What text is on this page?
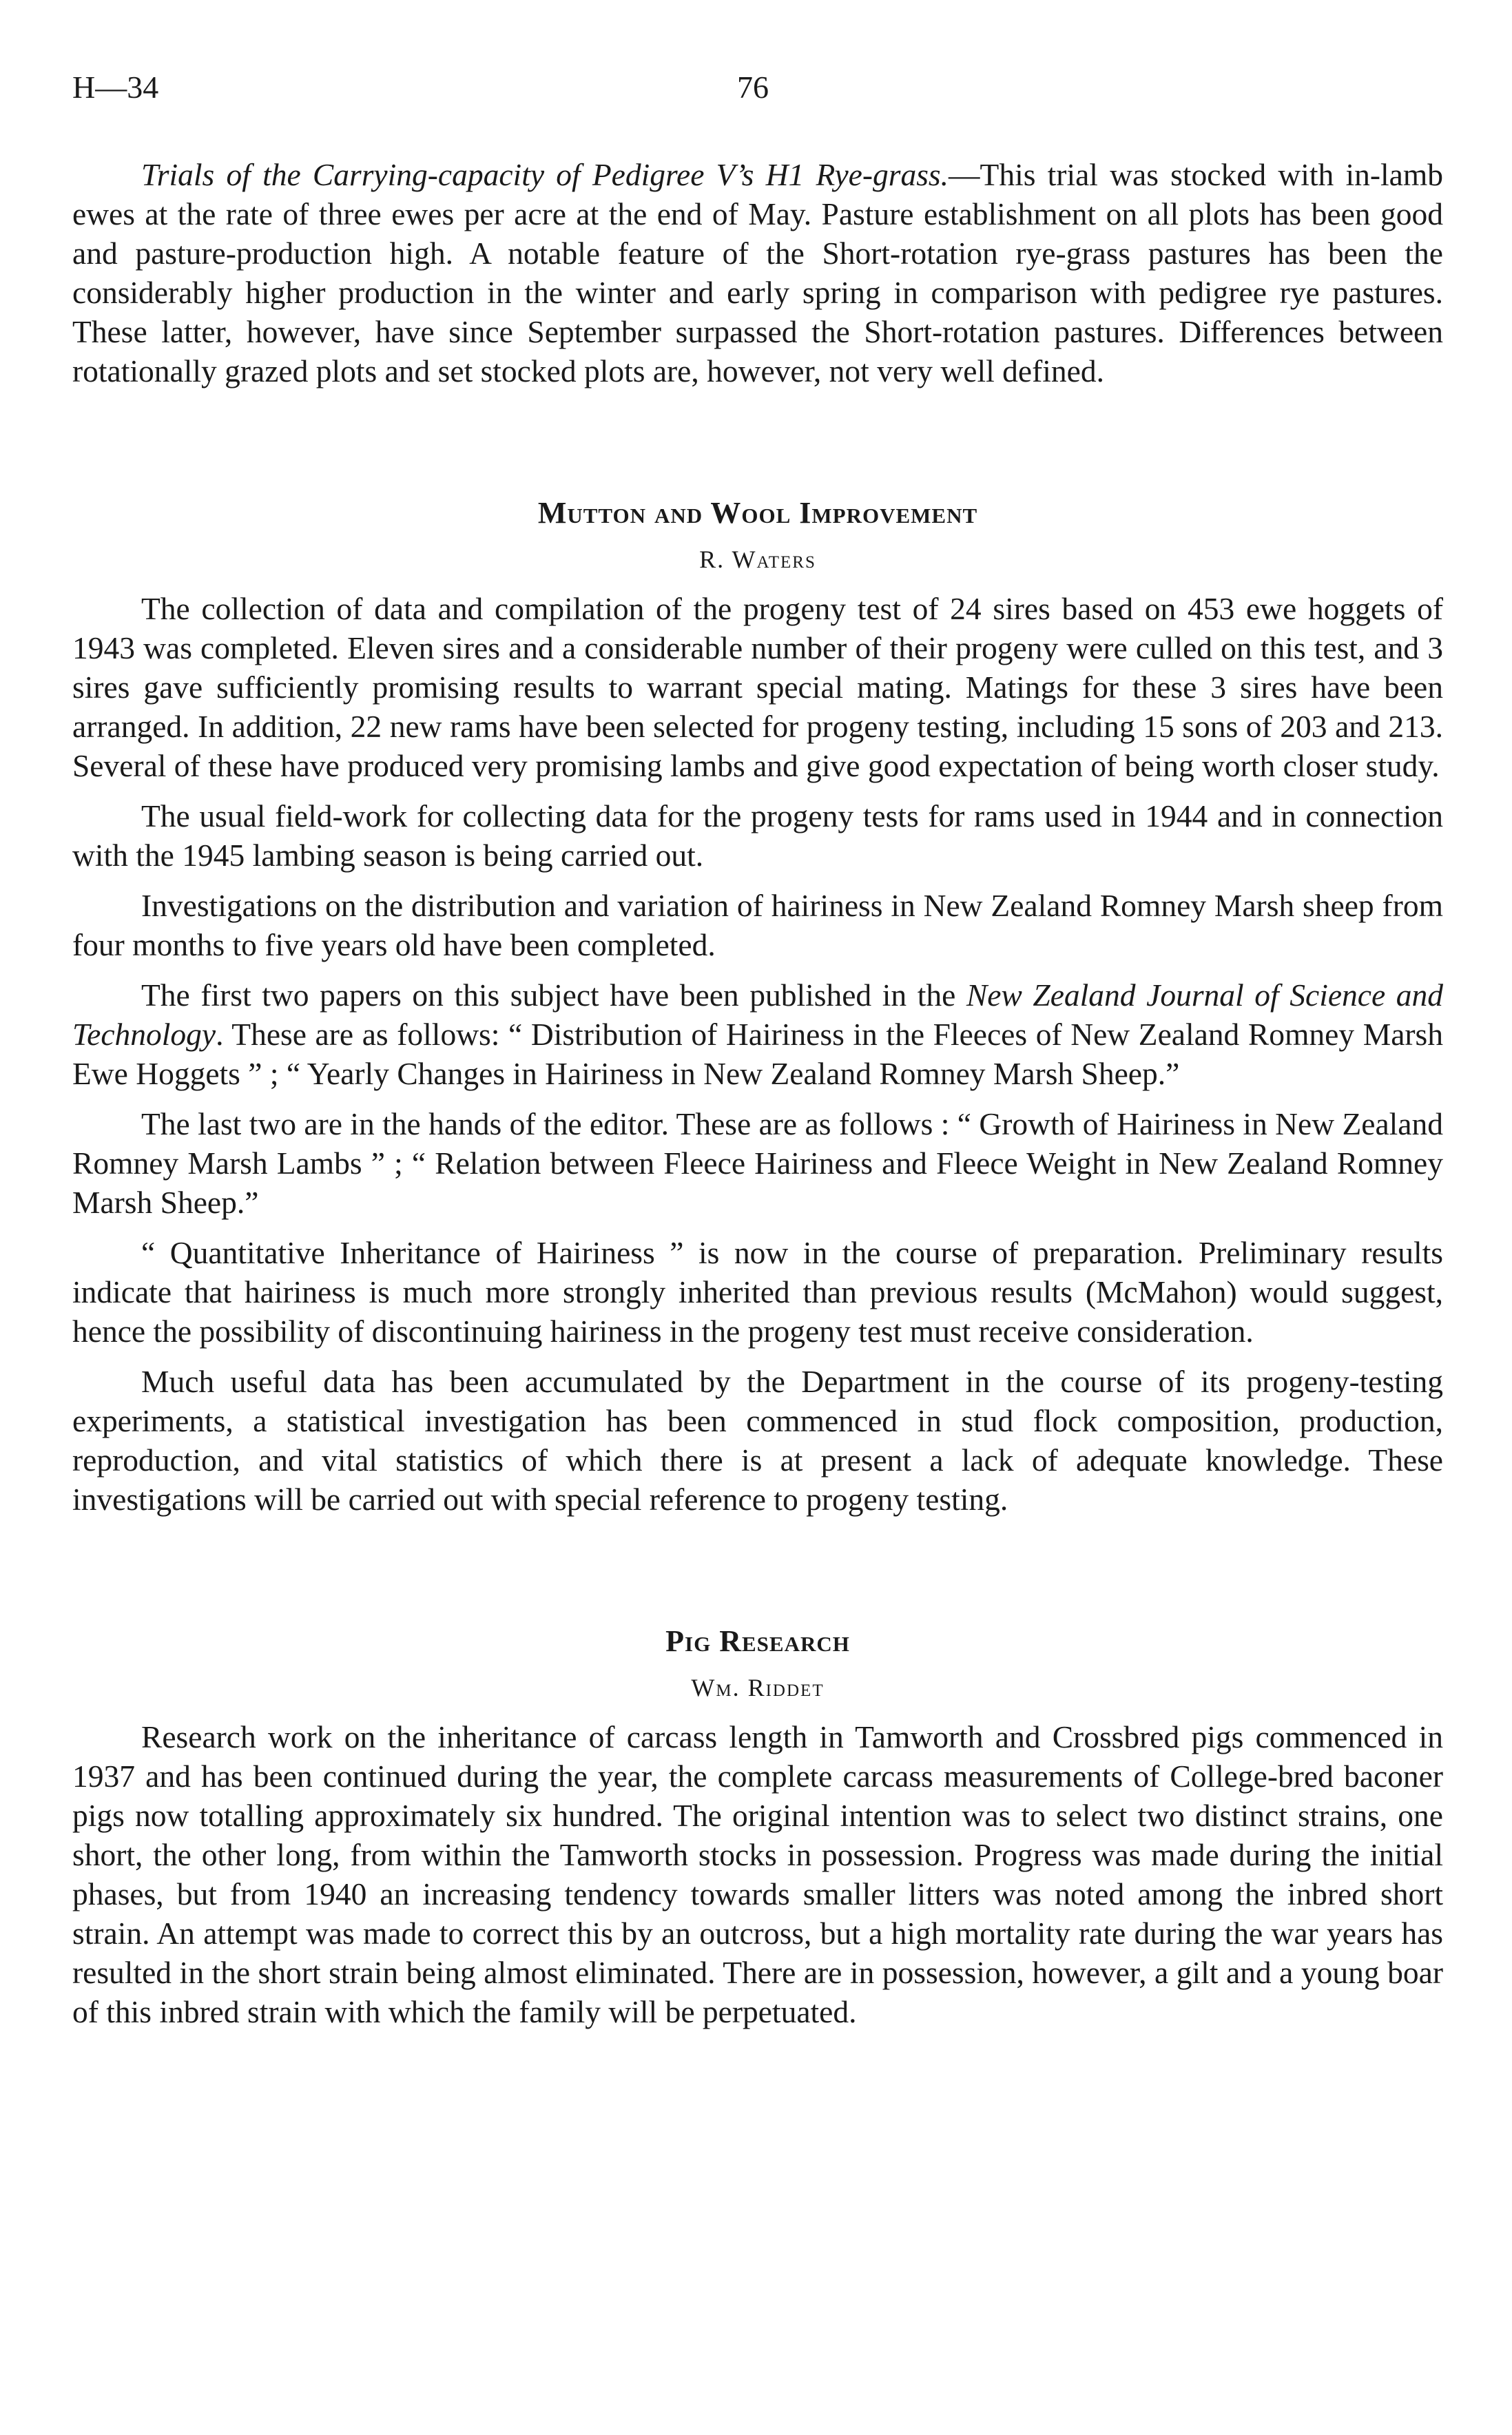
H—34	76

Trials of the Carrying-capacity of Pedigree V’s H1 Rye-grass.—This trial was stocked with in-lamb ewes at the rate of three ewes per acre at the end of May. Pasture establishment on all plots has been good and pasture-production high. A notable feature of the Short-rotation rye-grass pastures has been the considerably higher production in the winter and early spring in comparison with pedigree rye pastures. These latter, however, have since September surpassed the Short-rotation pastures. Differences between rotationally grazed plots and set stocked plots are, however, not very well defined.

Mutton and Wool Improvement
R. Waters

The collection of data and compilation of the progeny test of 24 sires based on 453 ewe hoggets of 1943 was completed. Eleven sires and a considerable number of their progeny were culled on this test, and 3 sires gave sufficiently promising results to warrant special mating. Matings for these 3 sires have been arranged. In addition, 22 new rams have been selected for progeny testing, including 15 sons of 203 and 213. Several of these have produced very promising lambs and give good expectation of being worth closer study.

The usual field-work for collecting data for the progeny tests for rams used in 1944 and in connection with the 1945 lambing season is being carried out.

Investigations on the distribution and variation of hairiness in New Zealand Romney Marsh sheep from four months to five years old have been completed.

The first two papers on this subject have been published in the New Zealand Journal of Science and Technology. These are as follows: “ Distribution of Hairiness in the Fleeces of New Zealand Romney Marsh Ewe Hoggets ” ; “ Yearly Changes in Hairiness in New Zealand Romney Marsh Sheep.”

The last two are in the hands of the editor. These are as follows : “ Growth of Hairiness in New Zealand Romney Marsh Lambs ” ; “ Relation between Fleece Hairiness and Fleece Weight in New Zealand Romney Marsh Sheep.”

“ Quantitative Inheritance of Hairiness ” is now in the course of preparation. Preliminary results indicate that hairiness is much more strongly inherited than previous results (McMahon) would suggest, hence the possibility of discontinuing hairiness in the progeny test must receive consideration.

Much useful data has been accumulated by the Department in the course of its progeny-testing experiments, a statistical investigation has been commenced in stud flock composition, production, reproduction, and vital statistics of which there is at present a lack of adequate knowledge. These investigations will be carried out with special reference to progeny testing.

Pig Research
Wm. Riddet

Research work on the inheritance of carcass length in Tamworth and Crossbred pigs commenced in 1937 and has been continued during the year, the complete carcass measurements of College-bred baconer pigs now totalling approximately six hundred. The original intention was to select two distinct strains, one short, the other long, from within the Tamworth stocks in possession. Progress was made during the initial phases, but from 1940 an increasing tendency towards smaller litters was noted among the inbred short strain. An attempt was made to correct this by an outcross, but a high mortality rate during the war years has resulted in the short strain being almost eliminated. There are in possession, however, a gilt and a young boar of this inbred strain with which the family will be perpetuated.
